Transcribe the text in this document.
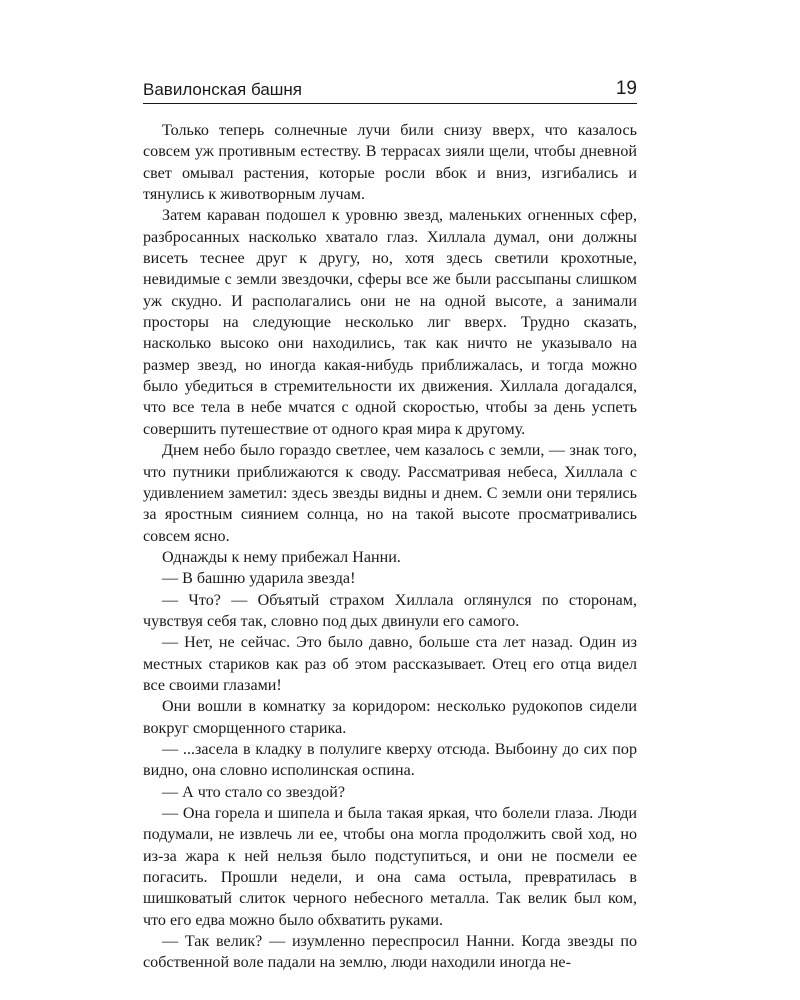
Вавилонская башня	19

Только теперь солнечные лучи били снизу вверх, что казалось совсем уж противным естеству. В террасах зияли щели, чтобы дневной свет омывал растения, которые росли вбок и вниз, изгибались и тянулись к животворным лучам.

Затем караван подошел к уровню звезд, маленьких огненных сфер, разбросанных насколько хватало глаз. Хиллала думал, они должны висеть теснее друг к другу, но, хотя здесь светили крохотные, невидимые с земли звездочки, сферы все же были рассыпаны слишком уж скудно. И располагались они не на одной высоте, а занимали просторы на следующие несколько лиг вверх. Трудно сказать, насколько высоко они находились, так как ничто не указывало на размер звезд, но иногда какая-нибудь приближалась, и тогда можно было убедиться в стремительности их движения. Хиллала догадался, что все тела в небе мчатся с одной скоростью, чтобы за день успеть совершить путешествие от одного края мира к другому.

Днем небо было гораздо светлее, чем казалось с земли, — знак того, что путники приближаются к своду. Рассматривая небеса, Хиллала с удивлением заметил: здесь звезды видны и днем. С земли они терялись за яростным сиянием солнца, но на такой высоте просматривались совсем ясно.

Однажды к нему прибежал Нанни.

— В башню ударила звезда!

— Что? — Объятый страхом Хиллала оглянулся по сторонам, чувствуя себя так, словно под дых двинули его самого.

— Нет, не сейчас. Это было давно, больше ста лет назад. Один из местных стариков как раз об этом рассказывает. Отец его отца видел все своими глазами!

Они вошли в комнатку за коридором: несколько рудокопов сидели вокруг сморщенного старика.

— ...засела в кладку в полулиге кверху отсюда. Выбоину до сих пор видно, она словно исполинская оспина.

— А что стало со звездой?

— Она горела и шипела и была такая яркая, что болели глаза. Люди подумали, не извлечь ли ее, чтобы она могла продолжить свой ход, но из-за жара к ней нельзя было подступиться, и они не посмели ее погасить. Прошли недели, и она сама остыла, превратилась в шишковатый слиток черного небесного металла. Так велик был ком, что его едва можно было обхватить руками.

— Так велик? — изумленно переспросил Нанни. Когда звезды по собственной воле падали на землю, люди находили иногда не-
